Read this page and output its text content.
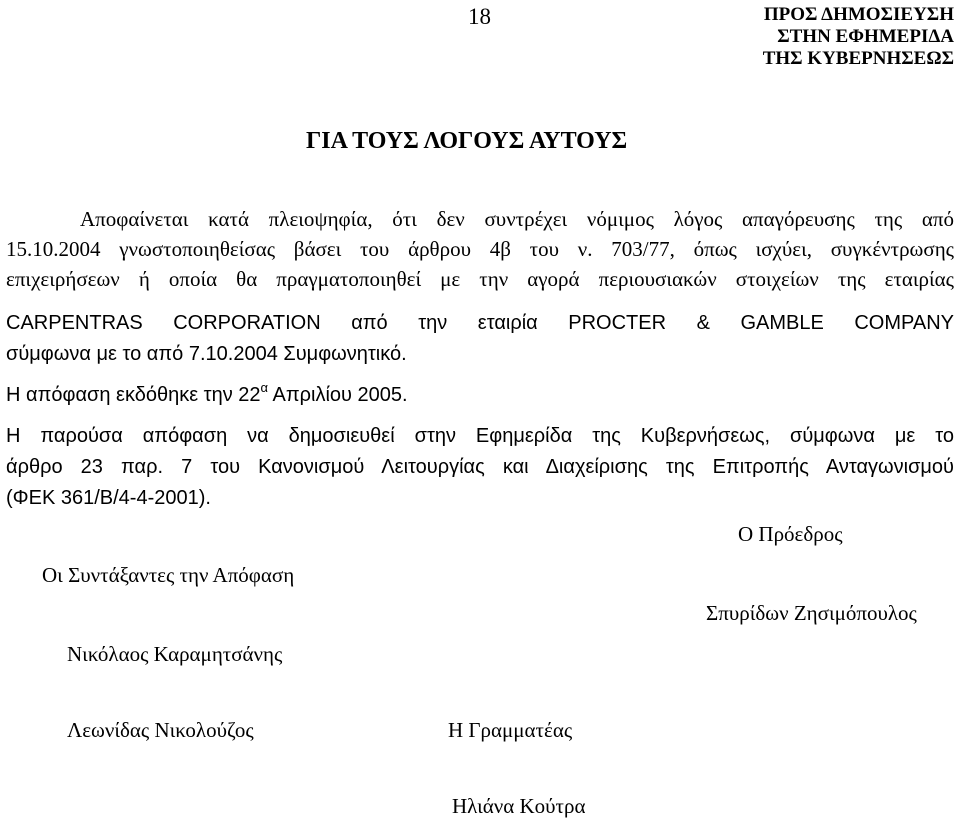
18	ΠΡΟΣ ΔΗΜΟΣΙΕΥΣΗ
ΣΤΗΝ ΕΦΗΜΕΡΙΔΑ
ΤΗΣ ΚΥΒΕΡΝΗΣΕΩΣ
ΓΙΑ ΤΟΥΣ ΛΟΓΟΥΣ ΑΥΤΟΥΣ
Αποφαίνεται κατά πλειοψηφία, ότι δεν συντρέχει νόμιμος λόγος απαγόρευσης της από
15.10.2004 γνωστοποιηθείσας βάσει του άρθρου 4β του ν. 703/77, όπως ισχύει, συγκέντρωσης
επιχειρήσεων ή οποία θα πραγματοποιηθεί με την αγορά περιουσιακών στοιχείων της εταιρίας
CARPENTRAS CORPORATION από την εταιρία PROCTER & GAMBLE COMPANY
σύμφωνα με το από 7.10.2004 Συμφωνητικό.
Η απόφαση εκδόθηκε την $22^\alpha$ Απριλίου 2005.
Η παρούσα απόφαση να δημοσιευθεί στην Εφημερίδα της Κυβερνήσεως, σύμφωνα με το
άρθρο 23 παρ. 7 του Κανονισμού Λειτουργίας και Διαχείρισης της Επιτροπής Ανταγωνισμού
(ΦΕΚ 361/Β/4-4-2001).
Ο Πρόεδρος
Οι Συντάξαντες την Απόφαση
Σπυρίδων Ζησιμόπουλος
Νικόλαος Καραμητσάνης
Λεωνίδας Νικολούζος	Η Γραμματέας
Ηλιάνα Κούτρα
